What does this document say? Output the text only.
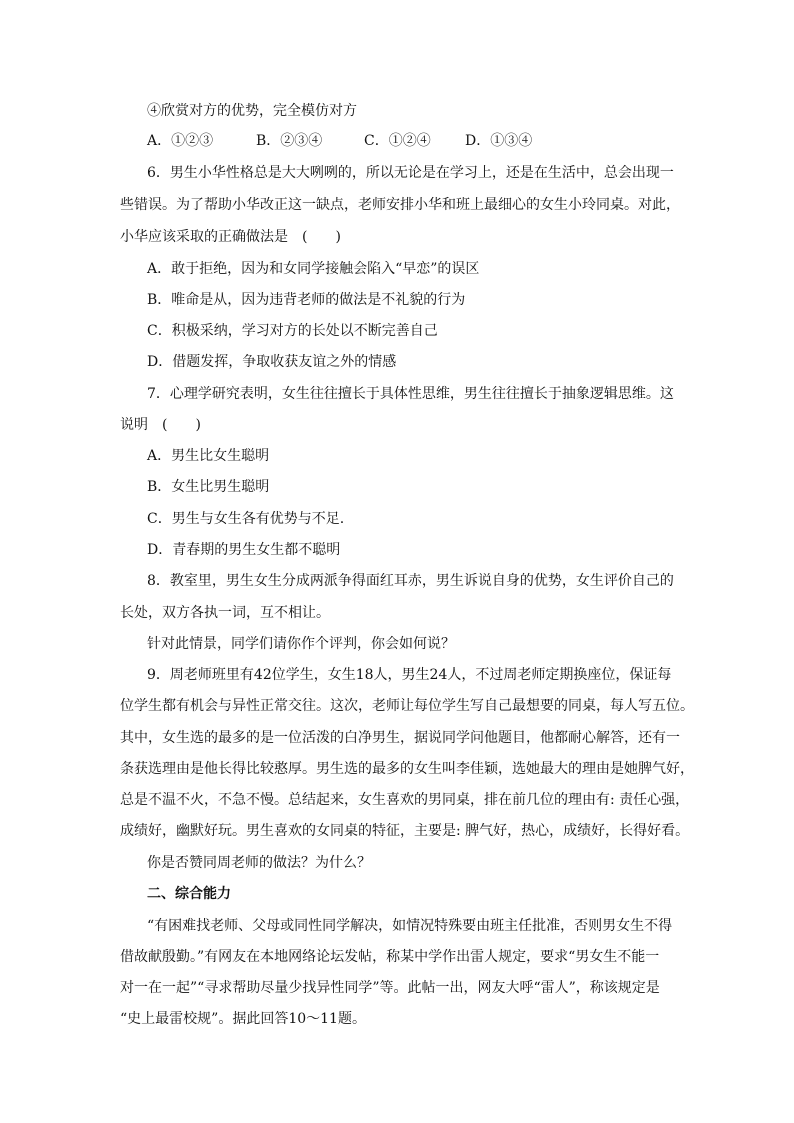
④欣赏对方的优势，完全模仿对方
A．①②③	B．②③④	C．①②④ D．①③④
6．男生小华性格总是大大咧咧的，所以无论是在学习上，还是在生活中，总会出现一
些错误。为了帮助小华改正这一缺点，老师安排小华和班上最细心的女生小玲同桌。对此，
小华应该采取的正确做法是　(　　)
A．敢于拒绝，因为和女同学接触会陷入“早恋”的误区
B．唯命是从，因为违背老师的做法是不礼貌的行为
C．积极采纳，学习对方的长处以不断完善自己
D．借题发挥，争取收获友谊之外的情感
7．心理学研究表明，女生往往擅长于具体性思维，男生往往擅长于抽象逻辑思维。这
说明　(　　)
A．男生比女生聪明
B．女生比男生聪明
C．男生与女生各有优势与不足.
D．青春期的男生女生都不聪明
8．教室里，男生女生分成两派争得面红耳赤，男生诉说自身的优势，女生评价自己的
长处，双方各执一词，互不相让。
针对此情景，同学们请你作个评判，你会如何说？
9．周老师班里有42位学生，女生18人，男生24人，不过周老师定期换座位，保证每
位学生都有机会与异性正常交往。这次，老师让每位学生写自己最想要的同桌，每人写五位。
其中，女生选的最多的是一位活泼的白净男生，据说同学问他题目，他都耐心解答，还有一
条获选理由是他长得比较憨厚。男生选的最多的女生叫李佳颖，选她最大的理由是她脾气好，
总是不温不火，不急不慢。总结起来，女生喜欢的男同桌，排在前几位的理由有: 责任心强，
成绩好，幽默好玩。男生喜欢的女同桌的特征，主要是: 脾气好，热心，成绩好，长得好看。
你是否赞同周老师的做法？为什么？
二、综合能力
“有困难找老师、父母或同性同学解决，如情况特殊要由班主任批准，否则男女生不得
借故献殷勤。”有网友在本地网络论坛发帖，称某中学作出雷人规定，要求“男女生不能一
对一在一起”“寻求帮助尽量少找异性同学”等。此帖一出，网友大呼“雷人”，称该规定是
“史上最雷校规”。据此回答10～11题。
